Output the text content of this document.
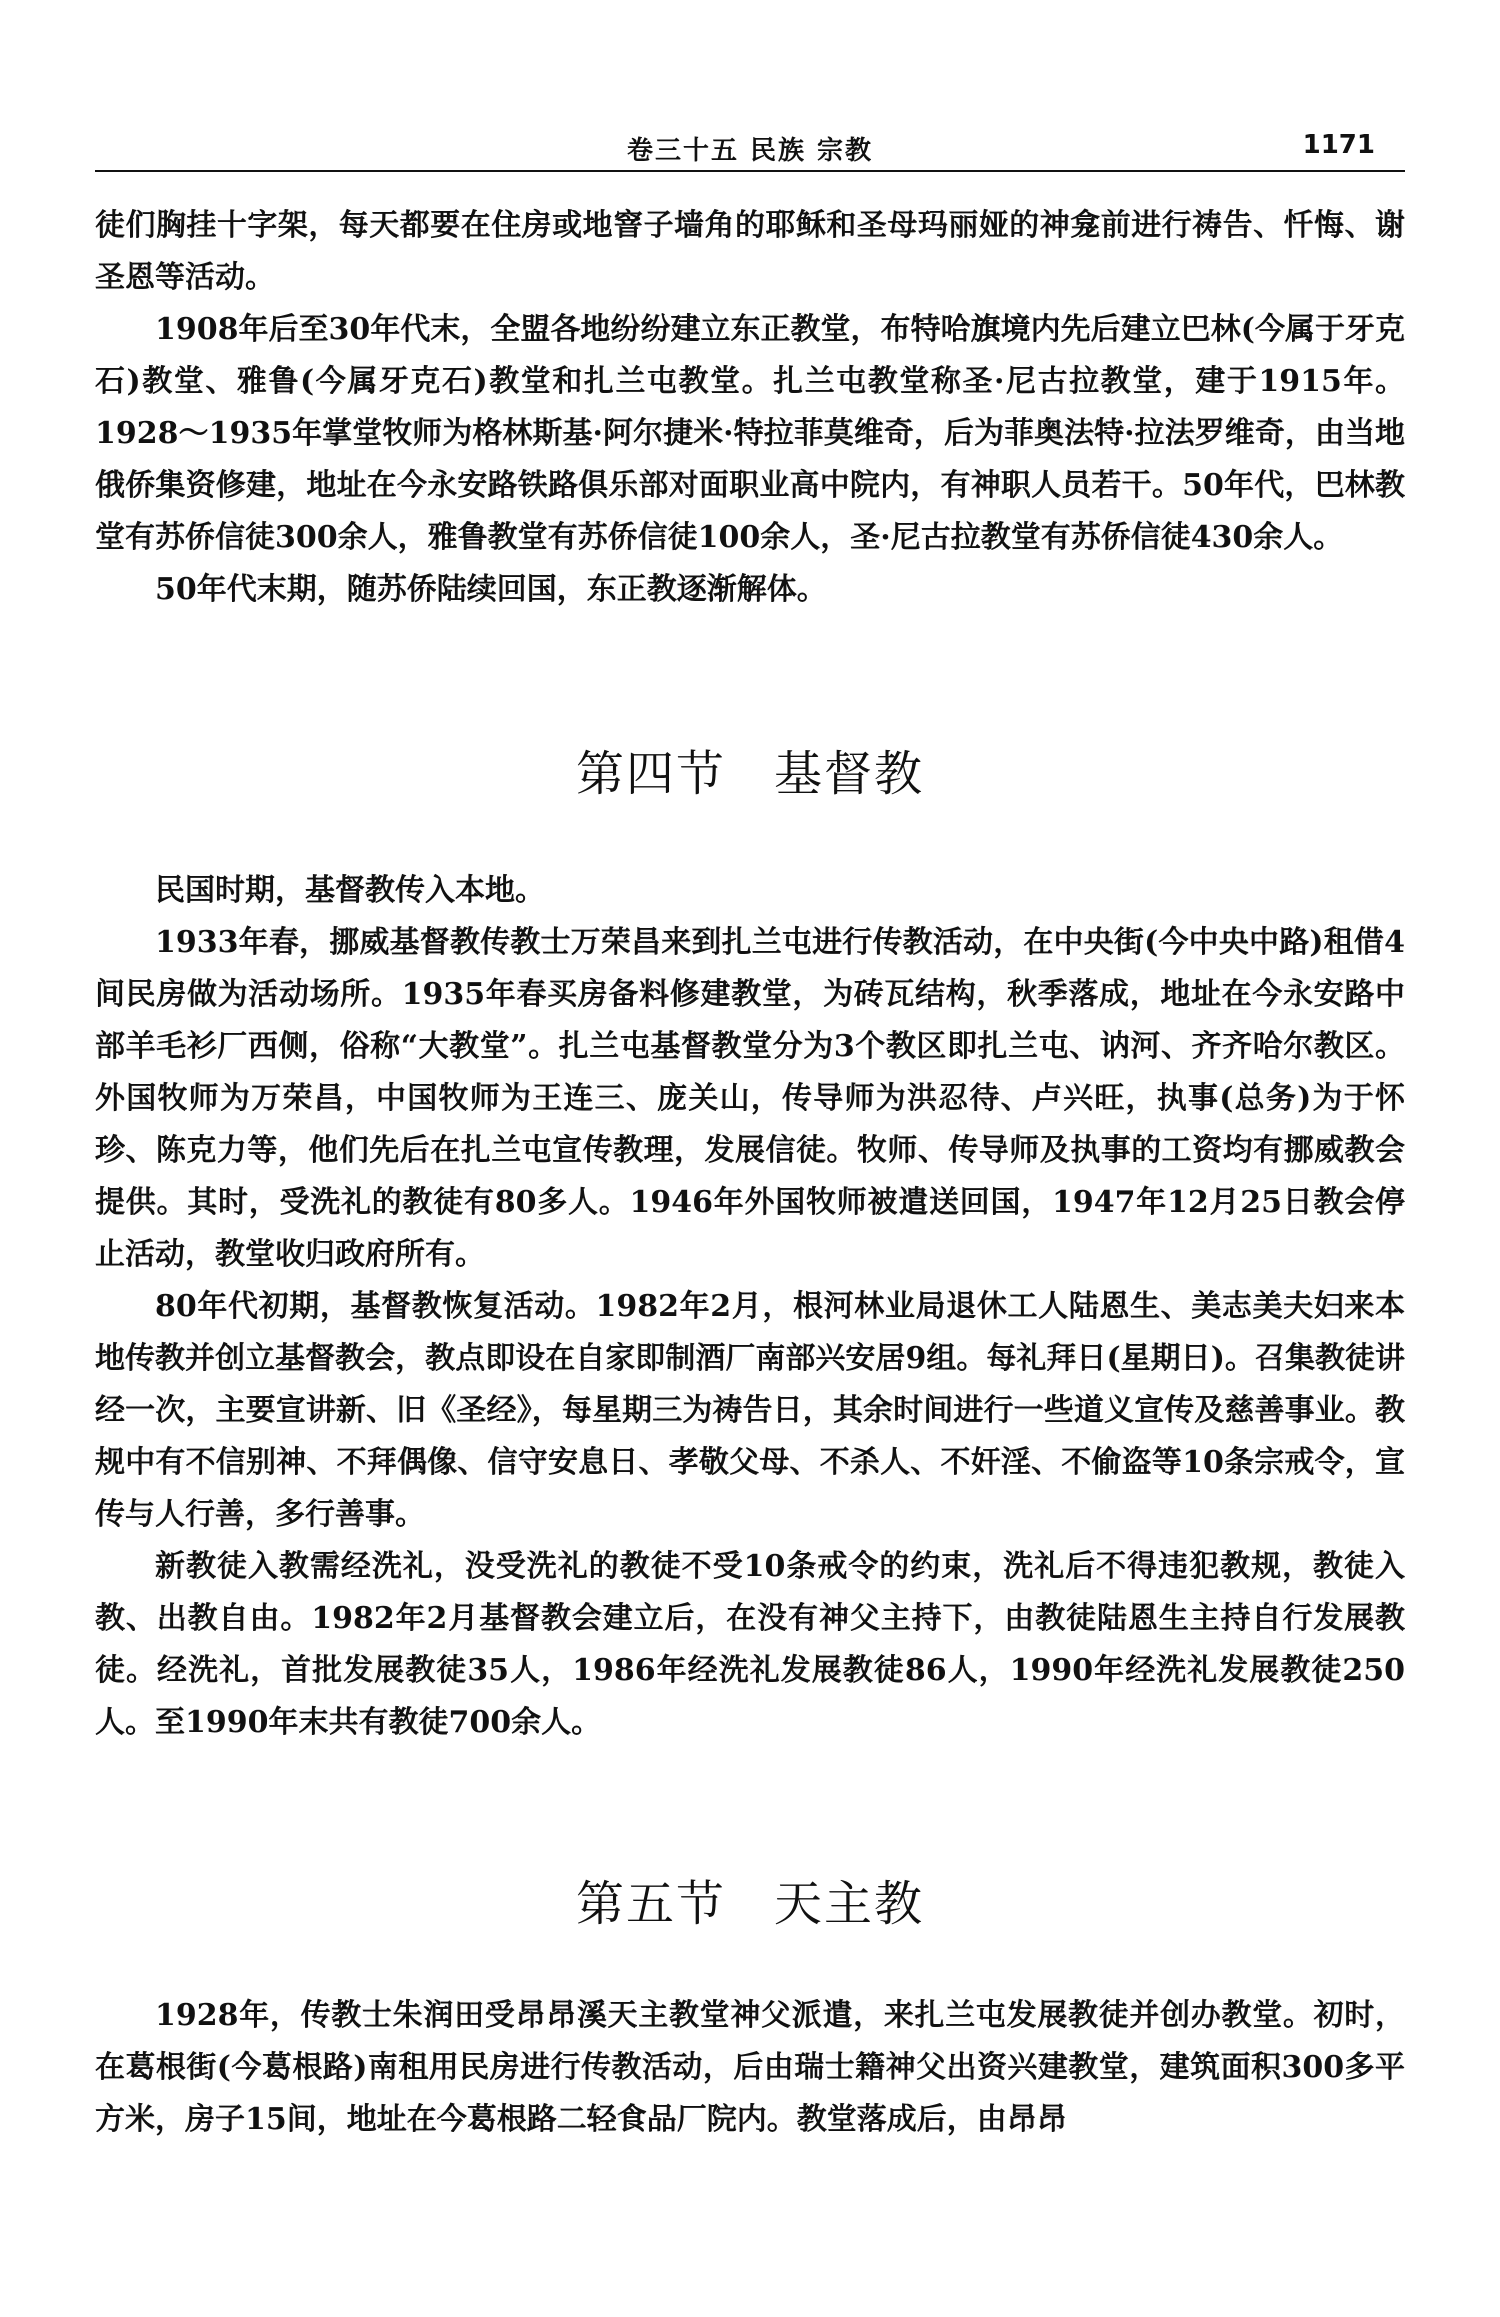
卷三十五 民族 宗教	1171

徒们胸挂十字架，每天都要在住房或地窨子墙角的耶稣和圣母玛丽娅的神龛前进行祷告、忏悔、谢圣恩等活动。

1908年后至30年代末，全盟各地纷纷建立东正教堂，布特哈旗境内先后建立巴林(今属于牙克石)教堂、雅鲁(今属牙克石)教堂和扎兰屯教堂。扎兰屯教堂称圣·尼古拉教堂，建于1915年。1928～1935年掌堂牧师为格林斯基·阿尔捷米·特拉菲莫维奇，后为菲奥法特·拉法罗维奇，由当地俄侨集资修建，地址在今永安路铁路俱乐部对面职业高中院内，有神职人员若干。50年代，巴林教堂有苏侨信徒300余人，雅鲁教堂有苏侨信徒100余人，圣·尼古拉教堂有苏侨信徒430余人。

50年代末期，随苏侨陆续回国，东正教逐渐解体。

第四节 基督教

民国时期，基督教传入本地。

1933年春，挪威基督教传教士万荣昌来到扎兰屯进行传教活动，在中央街(今中央中路)租借4间民房做为活动场所。1935年春买房备料修建教堂，为砖瓦结构，秋季落成，地址在今永安路中部羊毛衫厂西侧，俗称“大教堂”。扎兰屯基督教堂分为3个教区即扎兰屯、讷河、齐齐哈尔教区。外国牧师为万荣昌，中国牧师为王连三、庞关山，传导师为洪忍待、卢兴旺，执事(总务)为于怀珍、陈克力等，他们先后在扎兰屯宣传教理，发展信徒。牧师、传导师及执事的工资均有挪威教会提供。其时，受洗礼的教徒有80多人。1946年外国牧师被遣送回国，1947年12月25日教会停止活动，教堂收归政府所有。

80年代初期，基督教恢复活动。1982年2月，根河林业局退休工人陆恩生、美志美夫妇来本地传教并创立基督教会，教点即设在自家即制酒厂南部兴安居9组。每礼拜日(星期日)。召集教徒讲经一次，主要宣讲新、旧《圣经》，每星期三为祷告日，其余时间进行一些道义宣传及慈善事业。教规中有不信别神、不拜偶像、信守安息日、孝敬父母、不杀人、不奸淫、不偷盗等10条宗戒令，宣传与人行善，多行善事。

新教徒入教需经洗礼，没受洗礼的教徒不受10条戒令的约束，洗礼后不得违犯教规，教徒入教、出教自由。1982年2月基督教会建立后，在没有神父主持下，由教徒陆恩生主持自行发展教徒。经洗礼，首批发展教徒35人，1986年经洗礼发展教徒86人，1990年经洗礼发展教徒250人。至1990年末共有教徒700余人。

第五节 天主教

1928年，传教士朱润田受昂昂溪天主教堂神父派遣，来扎兰屯发展教徒并创办教堂。初时，在葛根街(今葛根路)南租用民房进行传教活动，后由瑞士籍神父出资兴建教堂，建筑面积300多平方米，房子15间，地址在今葛根路二轻食品厂院内。教堂落成后，由昂昂
